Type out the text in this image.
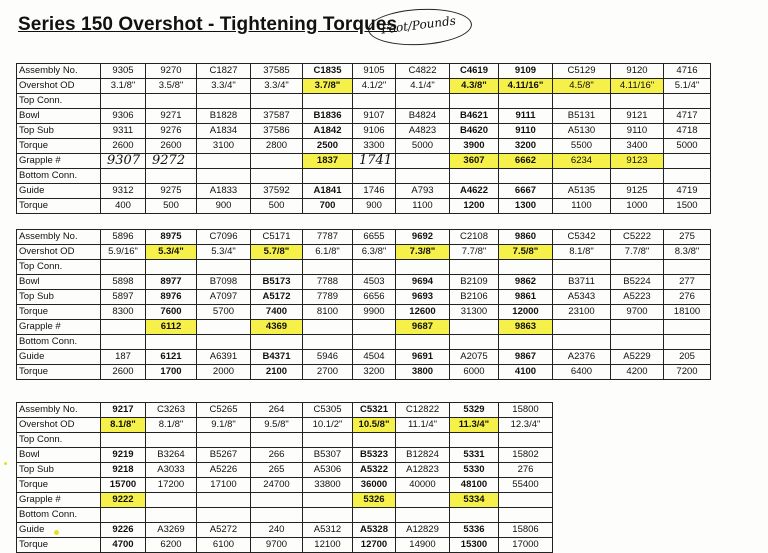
Series 150 Overshot - Tightening Torques
Foot/Pounds
Assembly No.	9305	9270	C1827	37585	C1835	9105	C4822	C4619	9109	C5129	9120	4716
Overshot OD	3.1/8"	3.5/8"	3.3/4"	3.3/4"	3.7/8"	4.1/2"	4.1/4"	4.3/8"	4.11/16"	4.5/8"	4.11/16"	5.1/4"
Top Conn.												
Bowl	9306	9271	B1828	37587	B1836	9107	B4824	B4621	9111	B5131	9121	4717
Top Sub	9311	9276	A1834	37586	A1842	9106	A4823	B4620	9110	A5130	9110	4718
Torque	2600	2600	3100	2800	2500	3300	5000	3900	3200	5500	3400	5000
Grapple #	9307	9272			1837	1741		3607	6662	6234	9123	
Bottom Conn.												
Guide	9312	9275	A1833	37592	A1841	1746	A793	A4622	6667	A5135	9125	4719
Torque	400	500	900	500	700	900	1100	1200	1300	1100	1000	1500
Assembly No.	5896	8975	C7096	C5171	7787	6655	9692	C2108	9860	C5342	C5222	275
Overshot OD	5.9/16"	5.3/4"	5.3/4"	5.7/8"	6.1/8"	6.3/8"	7.3/8"	7.7/8"	7.5/8"	8.1/8"	7.7/8"	8.3/8"
Top Conn.												
Bowl	5898	8977	B7098	B5173	7788	4503	9694	B2109	9862	B3711	B5224	277
Top Sub	5897	8976	A7097	A5172	7789	6656	9693	B2106	9861	A5343	A5223	276
Torque	8300	7600	5700	7400	8100	9900	12600	31300	12000	23100	9700	18100
Grapple #		6112		4369			9687		9863			
Bottom Conn.												
Guide	187	6121	A6391	B4371	5946	4504	9691	A2075	9867	A2376	A5229	205
Torque	2600	1700	2000	2100	2700	3200	3800	6000	4100	6400	4200	7200
Assembly No.	9217	C3263	C5265	264	C5305	C5321	C12822	5329	15800
Overshot OD	8.1/8"	8.1/8"	9.1/8"	9.5/8"	10.1/2"	10.5/8"	11.1/4"	11.3/4"	12.3/4"
Top Conn.									
Bowl	9219	B3264	B5267	266	B5307	B5323	B12824	5331	15802
Top Sub	9218	A3033	A5226	265	A5306	A5322	A12823	5330	276
Torque	15700	17200	17100	24700	33800	36000	40000	48100	55400
Grapple #	9222					5326		5334	
Bottom Conn.									
Guide	9226	A3269	A5272	240	A5312	A5328	A12829	5336	15806
Torque	4700	6200	6100	9700	12100	12700	14900	15300	17000
